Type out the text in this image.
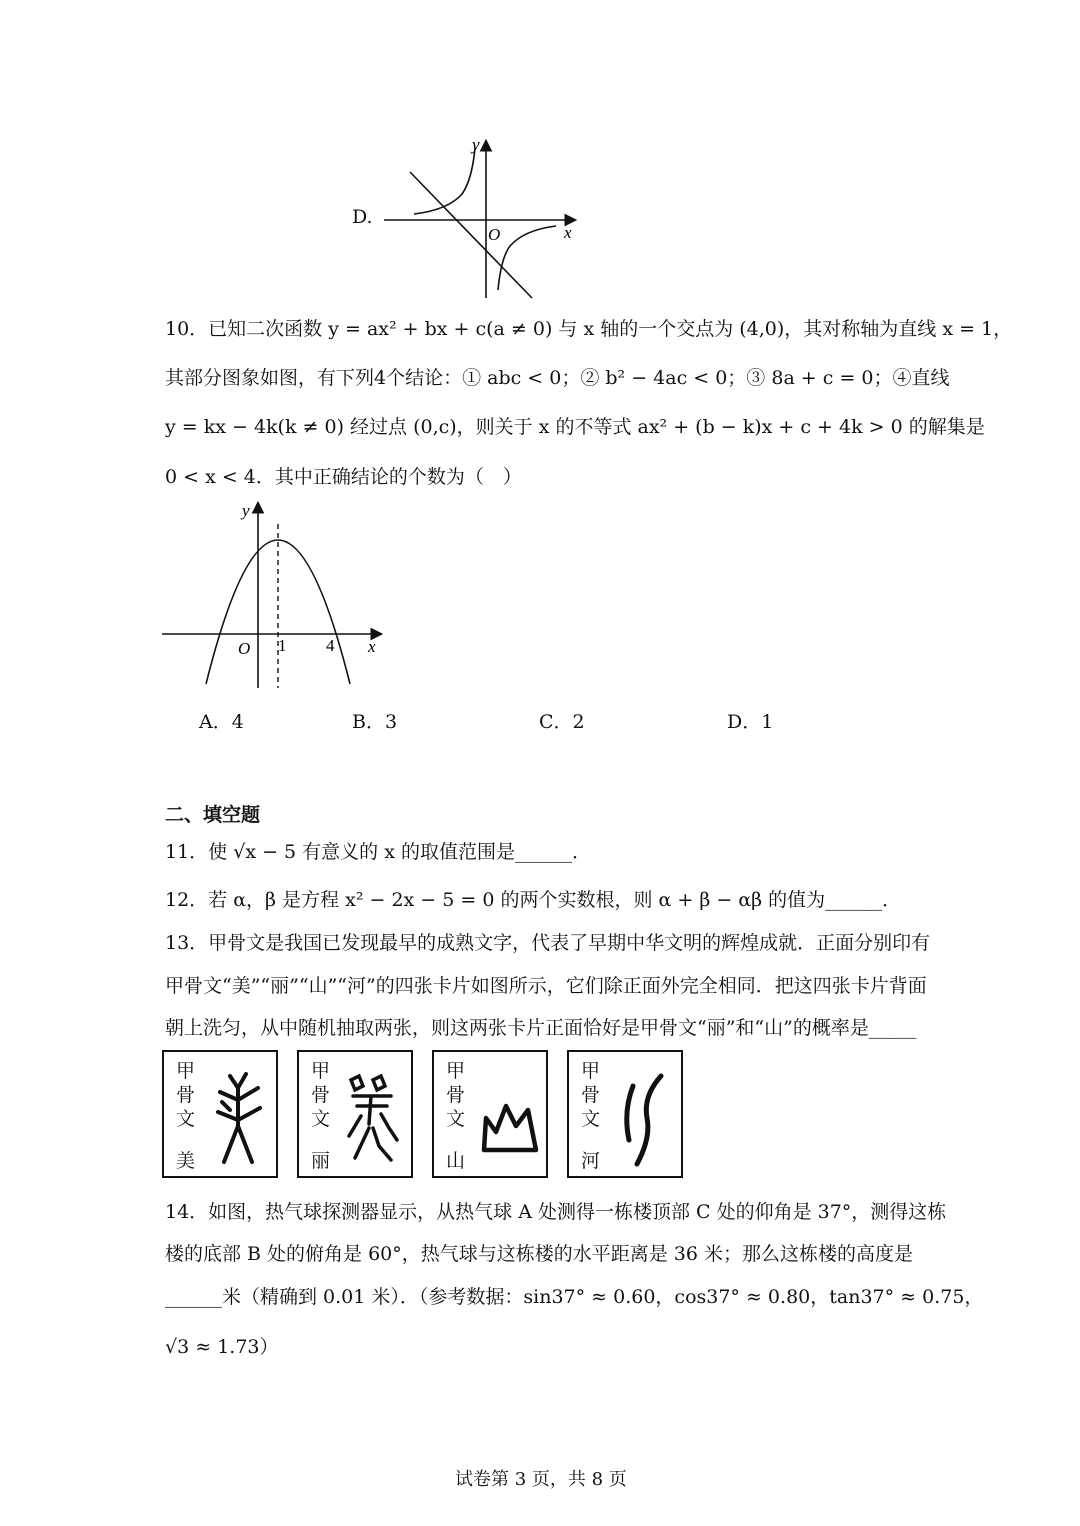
D.
y
x
O
10．已知二次函数 y = ax² + bx + c(a ≠ 0) 与 x 轴的一个交点为 (4,0)，其对称轴为直线 x = 1，
其部分图象如图，有下列4个结论：① abc < 0；② b² − 4ac < 0；③ 8a + c = 0；④直线
y = kx − 4k(k ≠ 0) 经过点 (0,c)，则关于 x 的不等式 ax² + (b − k)x + c + 4k > 0 的解集是
0 < x < 4．其中正确结论的个数为（　）
y
x
O 1 4
A．4	B．3	C．2	D．1
二、填空题
11．使 √x − 5 有意义的 x 的取值范围是______．
12．若 α，β 是方程 x² − 2x − 5 = 0 的两个实数根，则 α + β − αβ 的值为______．
13．甲骨文是我国已发现最早的成熟文字，代表了早期中华文明的辉煌成就．正面分别印有
甲骨文“美”“丽”“山”“河”的四张卡片如图所示，它们除正面外完全相同．把这四张卡片背面
朝上洗匀，从中随机抽取两张，则这两张卡片正面恰好是甲骨文“丽”和“山”的概率是_____
甲
骨
文
美
甲
骨
文
丽
甲
骨
文
山
甲
骨
文
河
14．如图，热气球探测器显示，从热气球 A 处测得一栋楼顶部 C 处的仰角是 37°，测得这栋
楼的底部 B 处的俯角是 60°，热气球与这栋楼的水平距离是 36 米；那么这栋楼的高度是
______米（精确到 0.01 米）．（参考数据：sin37° ≈ 0.60，cos37° ≈ 0.80，tan37° ≈ 0.75，
√3 ≈ 1.73）
试卷第 3 页，共 8 页
